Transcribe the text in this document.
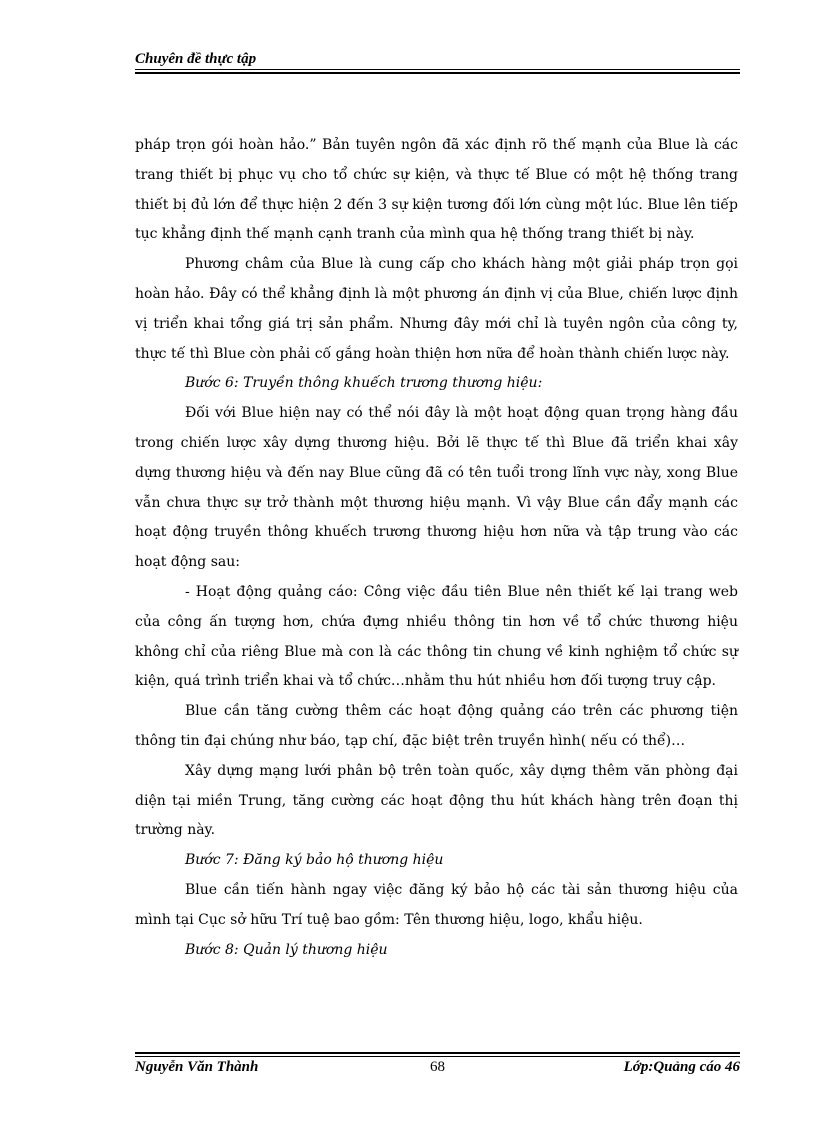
Chuyên đề thực tập

pháp trọn gói hoàn hảo.” Bản tuyên ngôn đã xác định rõ thế mạnh của Blue là các trang thiết bị phục vụ cho tổ chức sự kiện, và thực tế Blue có một hệ thống trang thiết bị đủ lớn để thực hiện 2 đến 3 sự kiện tương đối lớn cùng một lúc. Blue lên tiếp tục khẳng định thế mạnh cạnh tranh của mình qua hệ thống trang thiết bị này.

Phương châm của Blue là cung cấp cho khách hàng một giải pháp trọn gọi hoàn hảo. Đây có thể khẳng định là một phương án định vị của Blue, chiến lược định vị triển khai tổng giá trị sản phẩm. Nhưng đây mới chỉ là tuyên ngôn của công ty, thực tế thì Blue còn phải cố gắng hoàn thiện hơn nữa để hoàn thành chiến lược này.

Bước 6: Truyền thông khuếch trương thương hiệu:

Đối với Blue hiện nay có thể nói đây là một hoạt động quan trọng hàng đầu trong chiến lược xây dựng thương hiệu. Bởi lẽ thực tế thì Blue đã triển khai xây dựng thương hiệu và đến nay Blue cũng đã có tên tuổi trong lĩnh vực này, xong Blue vẫn chưa thực sự trở thành một thương hiệu mạnh. Vì vậy Blue cần đẩy mạnh các hoạt động truyền thông khuếch trương thương hiệu hơn nữa và tập trung vào các hoạt động sau:

- Hoạt động quảng cáo: Công việc đầu tiên Blue nên thiết kế lại trang web của công ấn tượng hơn, chứa đựng nhiều thông tin hơn về tổ chức thương hiệu không chỉ của riêng Blue mà con là các thông tin chung về kinh nghiệm tổ chức sự kiện, quá trình triển khai và tổ chức…nhằm thu hút nhiều hơn đối tượng truy cập.

Blue cần tăng cường thêm các hoạt động quảng cáo trên các phương tiện thông tin đại chúng như báo, tạp chí, đặc biệt trên truyền hình( nếu có thể)…

Xây dựng mạng lưới phân bộ trên toàn quốc, xây dựng thêm văn phòng đại diện tại miền Trung, tăng cường các hoạt động thu hút khách hàng trên đoạn thị trường này.

Bước 7: Đăng ký bảo hộ thương hiệu

Blue cần tiến hành ngay việc đăng ký bảo hộ các tài sản thương hiệu của mình tại Cục sở hữu Trí tuệ bao gồm: Tên thương hiệu, logo, khẩu hiệu.

Bước 8: Quản lý thương hiệu

Nguyễn Văn Thành	68	Lớp:Quảng cáo 46
